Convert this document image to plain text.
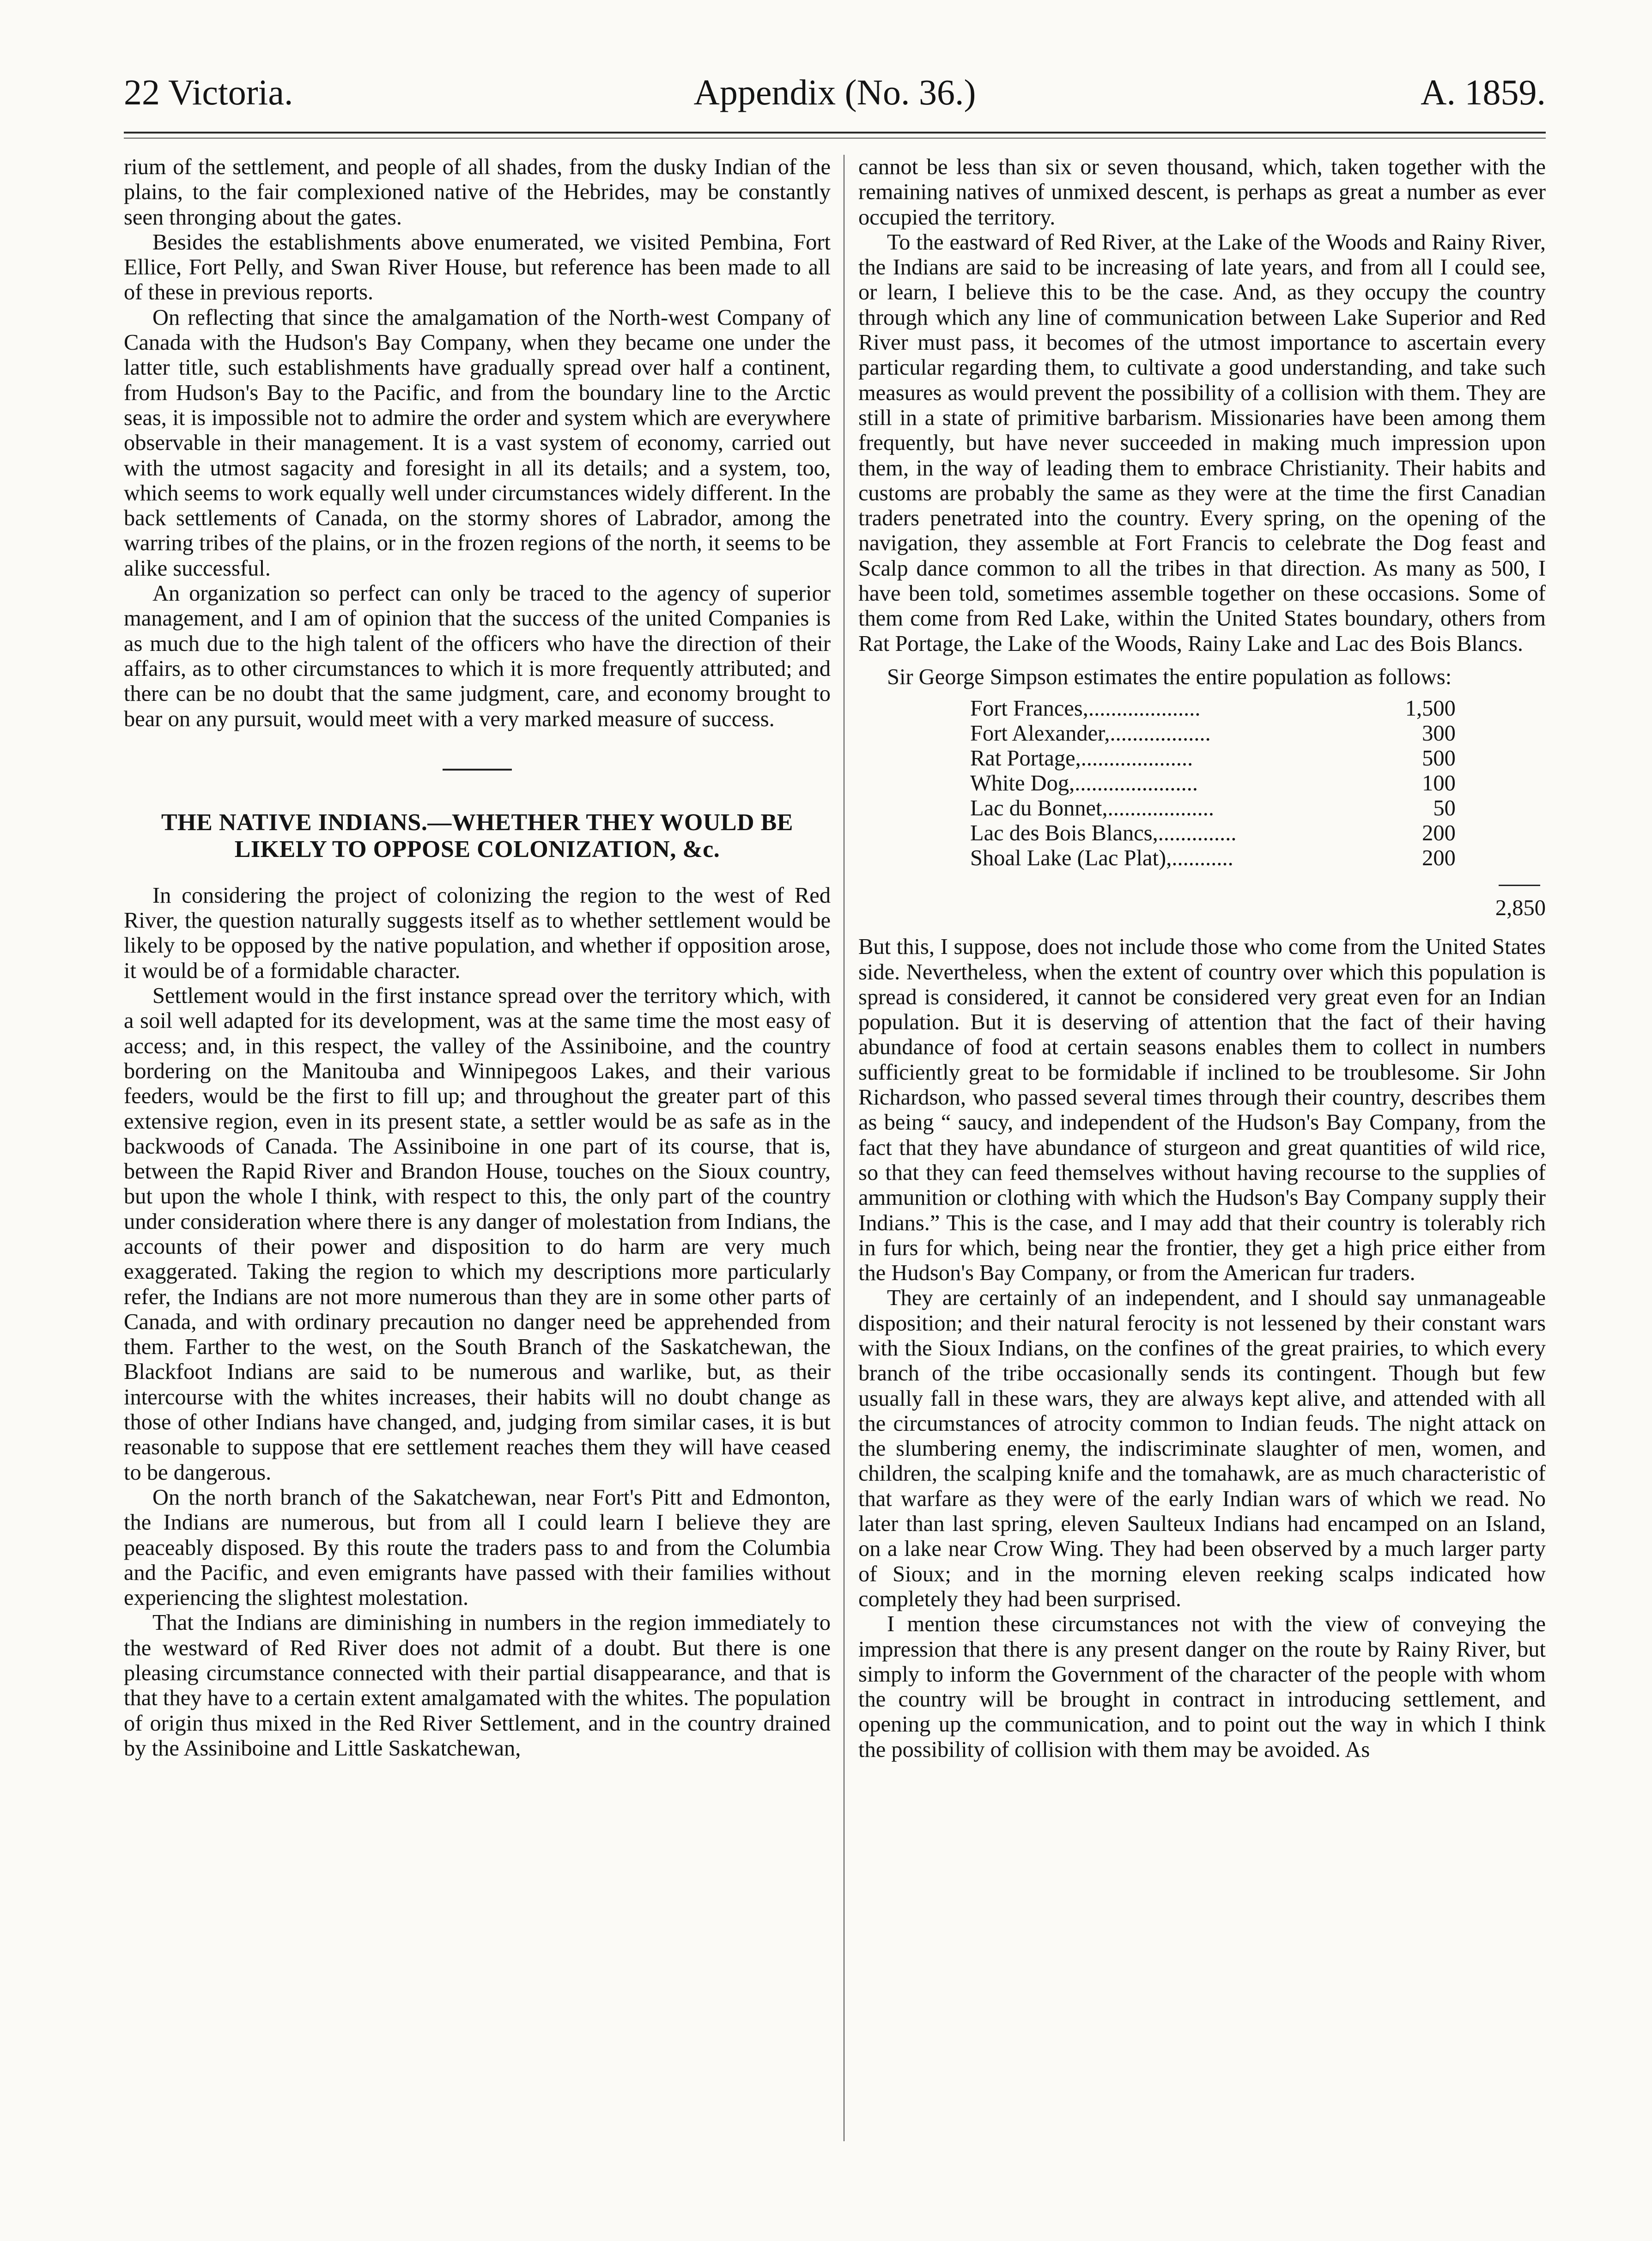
22 Victoria.	Appendix (No. 36.)	A. 1859.

rium of the settlement, and people of all shades, from the dusky Indian of the plains, to the fair complexioned native of the Hebrides, may be constantly seen thronging about the gates.

Besides the establishments above enumerated, we visited Pembina, Fort Ellice, Fort Pelly, and Swan River House, but reference has been made to all of these in previous reports.

On reflecting that since the amalgamation of the North-west Company of Canada with the Hudson's Bay Company, when they became one under the latter title, such establishments have gradually spread over half a continent, from Hudson's Bay to the Pacific, and from the boundary line to the Arctic seas, it is impossible not to admire the order and system which are everywhere observable in their management. It is a vast system of economy, carried out with the utmost sagacity and foresight in all its details; and a system, too, which seems to work equally well under circumstances widely different. In the back settlements of Canada, on the stormy shores of Labrador, among the warring tribes of the plains, or in the frozen regions of the north, it seems to be alike successful.

An organization so perfect can only be traced to the agency of superior management, and I am of opinion that the success of the united Companies is as much due to the high talent of the officers who have the direction of their affairs, as to other circumstances to which it is more frequently attributed; and there can be no doubt that the same judgment, care, and economy brought to bear on any pursuit, would meet with a very marked measure of success.

THE NATIVE INDIANS.—WHETHER THEY WOULD BE LIKELY TO OPPOSE COLONIZATION, &c.

In considering the project of colonizing the region to the west of Red River, the question naturally suggests itself as to whether settlement would be likely to be opposed by the native population, and whether if opposition arose, it would be of a formidable character.

Settlement would in the first instance spread over the territory which, with a soil well adapted for its development, was at the same time the most easy of access; and, in this respect, the valley of the Assiniboine, and the country bordering on the Manitouba and Winnipegoos Lakes, and their various feeders, would be the first to fill up; and throughout the greater part of this extensive region, even in its present state, a settler would be as safe as in the backwoods of Canada. The Assiniboine in one part of its course, that is, between the Rapid River and Brandon House, touches on the Sioux country, but upon the whole I think, with respect to this, the only part of the country under consideration where there is any danger of molestation from Indians, the accounts of their power and disposition to do harm are very much exaggerated. Taking the region to which my descriptions more particularly refer, the Indians are not more numerous than they are in some other parts of Canada, and with ordinary precaution no danger need be apprehended from them. Farther to the west, on the South Branch of the Saskatchewan, the Blackfoot Indians are said to be numerous and warlike, but, as their intercourse with the whites increases, their habits will no doubt change as those of other Indians have changed, and, judging from similar cases, it is but reasonable to suppose that ere settlement reaches them they will have ceased to be dangerous.

On the north branch of the Sakatchewan, near Fort's Pitt and Edmonton, the Indians are numerous, but from all I could learn I believe they are peaceably disposed. By this route the traders pass to and from the Columbia and the Pacific, and even emigrants have passed with their families without experiencing the slightest molestation.

That the Indians are diminishing in numbers in the region immediately to the westward of Red River does not admit of a doubt. But there is one pleasing circumstance connected with their partial disappearance, and that is that they have to a certain extent amalgamated with the whites. The population of origin thus mixed in the Red River Settlement, and in the country drained by the Assiniboine and Little Saskatchewan,

cannot be less than six or seven thousand, which, taken together with the remaining natives of unmixed descent, is perhaps as great a number as ever occupied the territory.

To the eastward of Red River, at the Lake of the Woods and Rainy River, the Indians are said to be increasing of late years, and from all I could see, or learn, I believe this to be the case. And, as they occupy the country through which any line of communication between Lake Superior and Red River must pass, it becomes of the utmost importance to ascertain every particular regarding them, to cultivate a good understanding, and take such measures as would prevent the possibility of a collision with them. They are still in a state of primitive barbarism. Missionaries have been among them frequently, but have never succeeded in making much impression upon them, in the way of leading them to embrace Christianity. Their habits and customs are probably the same as they were at the time the first Canadian traders penetrated into the country. Every spring, on the opening of the navigation, they assemble at Fort Francis to celebrate the Dog feast and Scalp dance common to all the tribes in that direction. As many as 500, I have been told, sometimes assemble together on these occasions. Some of them come from Red Lake, within the United States boundary, others from Rat Portage, the Lake of the Woods, Rainy Lake and Lac des Bois Blancs.

Sir George Simpson estimates the entire population as follows:

Fort Frances,....................	1,500	
Fort Alexander,..................	300	
Rat Portage,....................	500	
White Dog,......................	100	
Lac du Bonnet,...................	50	
Lac des Bois Blancs,..............	200	
Shoal Lake (Lac Plat),...........	200	
		2,850

But this, I suppose, does not include those who come from the United States side. Nevertheless, when the extent of country over which this population is spread is considered, it cannot be considered very great even for an Indian population. But it is deserving of attention that the fact of their having abundance of food at certain seasons enables them to collect in numbers sufficiently great to be formidable if inclined to be troublesome. Sir John Richardson, who passed several times through their country, describes them as being “ saucy, and independent of the Hudson's Bay Company, from the fact that they have abundance of sturgeon and great quantities of wild rice, so that they can feed themselves without having recourse to the supplies of ammunition or clothing with which the Hudson's Bay Company supply their Indians.” This is the case, and I may add that their country is tolerably rich in furs for which, being near the frontier, they get a high price either from the Hudson's Bay Company, or from the American fur traders.

They are certainly of an independent, and I should say unmanageable disposition; and their natural ferocity is not lessened by their constant wars with the Sioux Indians, on the confines of the great prairies, to which every branch of the tribe occasionally sends its contingent. Though but few usually fall in these wars, they are always kept alive, and attended with all the circumstances of atrocity common to Indian feuds. The night attack on the slumbering enemy, the indiscriminate slaughter of men, women, and children, the scalping knife and the tomahawk, are as much characteristic of that warfare as they were of the early Indian wars of which we read. No later than last spring, eleven Saulteux Indians had encamped on an Island, on a lake near Crow Wing. They had been observed by a much larger party of Sioux; and in the morning eleven reeking scalps indicated how completely they had been surprised.

I mention these circumstances not with the view of conveying the impression that there is any present danger on the route by Rainy River, but simply to inform the Government of the character of the people with whom the country will be brought in contract in introducing settlement, and opening up the communication, and to point out the way in which I think the possibility of collision with them may be avoided. As
